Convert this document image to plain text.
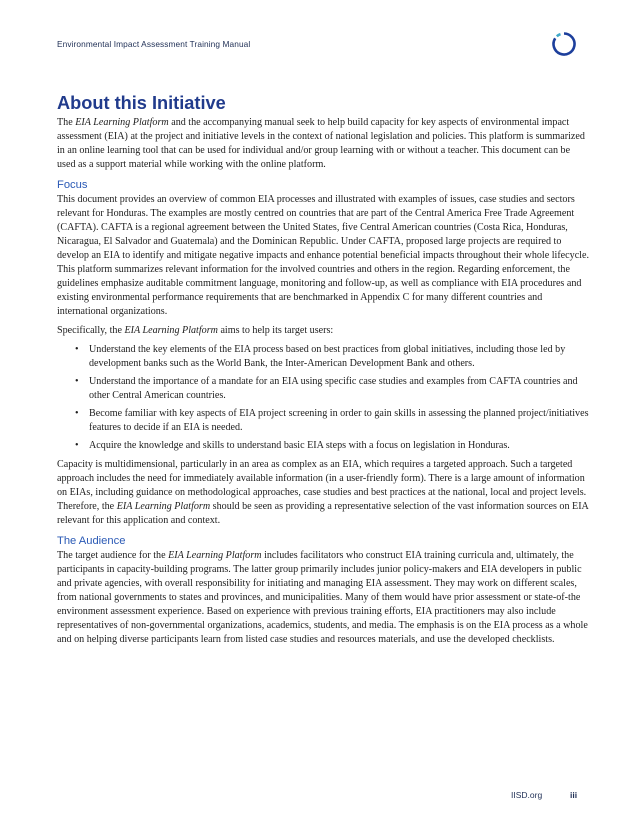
Environmental Impact Assessment Training Manual
About this Initiative

The EIA Learning Platform and the accompanying manual seek to help build capacity for key aspects of environmental impact assessment (EIA) at the project and initiative levels in the context of national legislation and policies. This platform is summarized in an online learning tool that can be used for individual and/or group learning with or without a teacher. This document can be used as a support material while working with the online platform.

Focus

This document provides an overview of common EIA processes and illustrated with examples of issues, case studies and sectors relevant for Honduras. The examples are mostly centred on countries that are part of the Central America Free Trade Agreement (CAFTA). CAFTA is a regional agreement between the United States, five Central American countries (Costa Rica, Honduras, Nicaragua, El Salvador and Guatemala) and the Dominican Republic. Under CAFTA, proposed large projects are required to develop an EIA to identify and mitigate negative impacts and enhance potential beneficial impacts throughout their whole lifecycle. This platform summarizes relevant information for the involved countries and others in the region. Regarding enforcement, the guidelines emphasize auditable commitment language, monitoring and follow-up, as well as compliance with EIA procedures and existing environmental performance requirements that are benchmarked in Appendix C for many different countries and international organizations.

Specifically, the EIA Learning Platform aims to help its target users:

• Understand the key elements of the EIA process based on best practices from global initiatives, including those led by development banks such as the World Bank, the Inter-American Development Bank and others.
• Understand the importance of a mandate for an EIA using specific case studies and examples from CAFTA countries and other Central American countries.
• Become familiar with key aspects of EIA project screening in order to gain skills in assessing the planned project/initiatives features to decide if an EIA is needed.
• Acquire the knowledge and skills to understand basic EIA steps with a focus on legislation in Honduras.

Capacity is multidimensional, particularly in an area as complex as an EIA, which requires a targeted approach. Such a targeted approach includes the need for immediately available information (in a user-friendly form). There is a large amount of information on EIAs, including guidance on methodological approaches, case studies and best practices at the national, local and project levels. Therefore, the EIA Learning Platform should be seen as providing a representative selection of the vast information sources on EIA relevant for this application and context.

The Audience

The target audience for the EIA Learning Platform includes facilitators who construct EIA training curricula and, ultimately, the participants in capacity-building programs. The latter group primarily includes junior policy-makers and EIA developers in public and private agencies, with overall responsibility for initiating and managing EIA assessment. They may work on different scales, from national governments to states and provinces, and municipalities. Many of them would have prior assessment or state-of-the environment assessment experience. Based on experience with previous training efforts, EIA practitioners may also include representatives of non-governmental organizations, academics, students, and media. The emphasis is on the EIA process as a whole and on helping diverse participants learn from listed case studies and resources materials, and use the developed checklists.

IISD.org	iii
